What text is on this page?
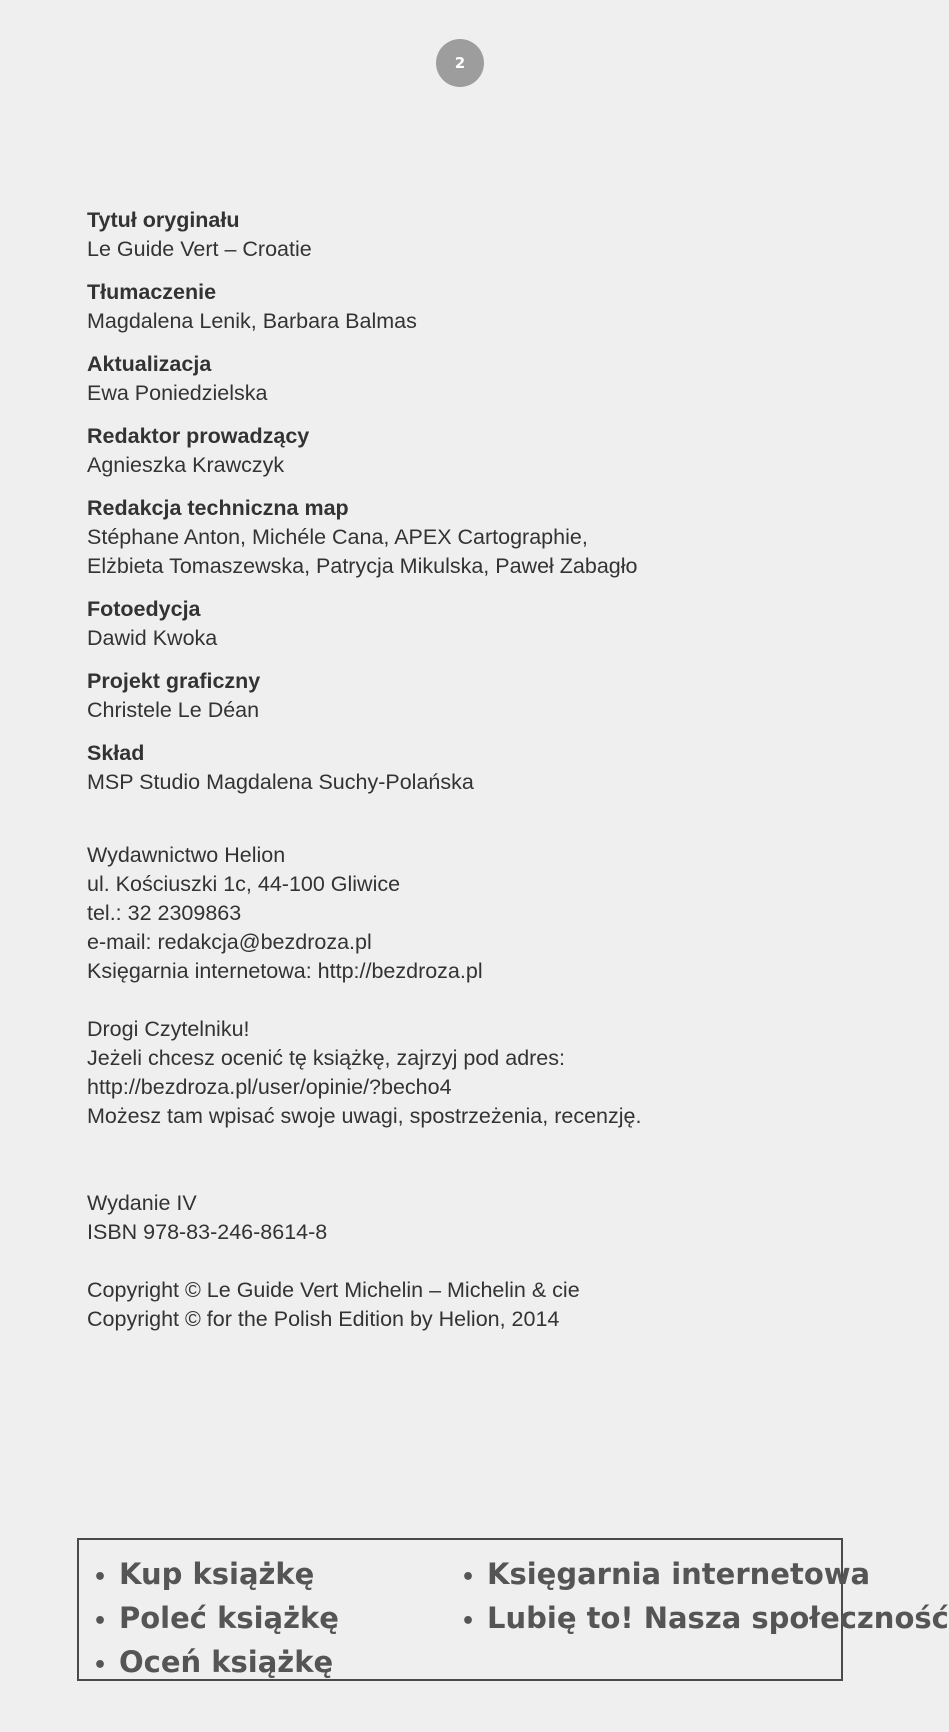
2
Tytuł oryginału
Le Guide Vert – Croatie
Tłumaczenie
Magdalena Lenik, Barbara Balmas
Aktualizacja
Ewa Poniedzielska
Redaktor prowadzący
Agnieszka Krawczyk
Redakcja techniczna map
Stéphane Anton, Michéle Cana, APEX Cartographie,
Elżbieta Tomaszewska, Patrycja Mikulska, Paweł Zabagło
Fotoedycja
Dawid Kwoka
Projekt graficzny
Christele Le Déan
Skład
MSP Studio Magdalena Suchy-Polańska
Wydawnictwo Helion
ul. Kościuszki 1c, 44-100 Gliwice
tel.: 32 2309863
e-mail: redakcja@bezdroza.pl
Księgarnia internetowa: http://bezdroza.pl
Drogi Czytelniku!
Jeżeli chcesz ocenić tę książkę, zajrzyj pod adres:
http://bezdroza.pl/user/opinie/?becho4
Możesz tam wpisać swoje uwagi, spostrzeżenia, recenzję.
Wydanie IV
ISBN 978-83-246-8614-8
Copyright © Le Guide Vert Michelin – Michelin & cie
Copyright © for the Polish Edition by Helion, 2014
• Kup książkę
• Poleć książkę
• Oceń książkę
• Księgarnia internetowa
• Lubię to! Nasza społeczność
